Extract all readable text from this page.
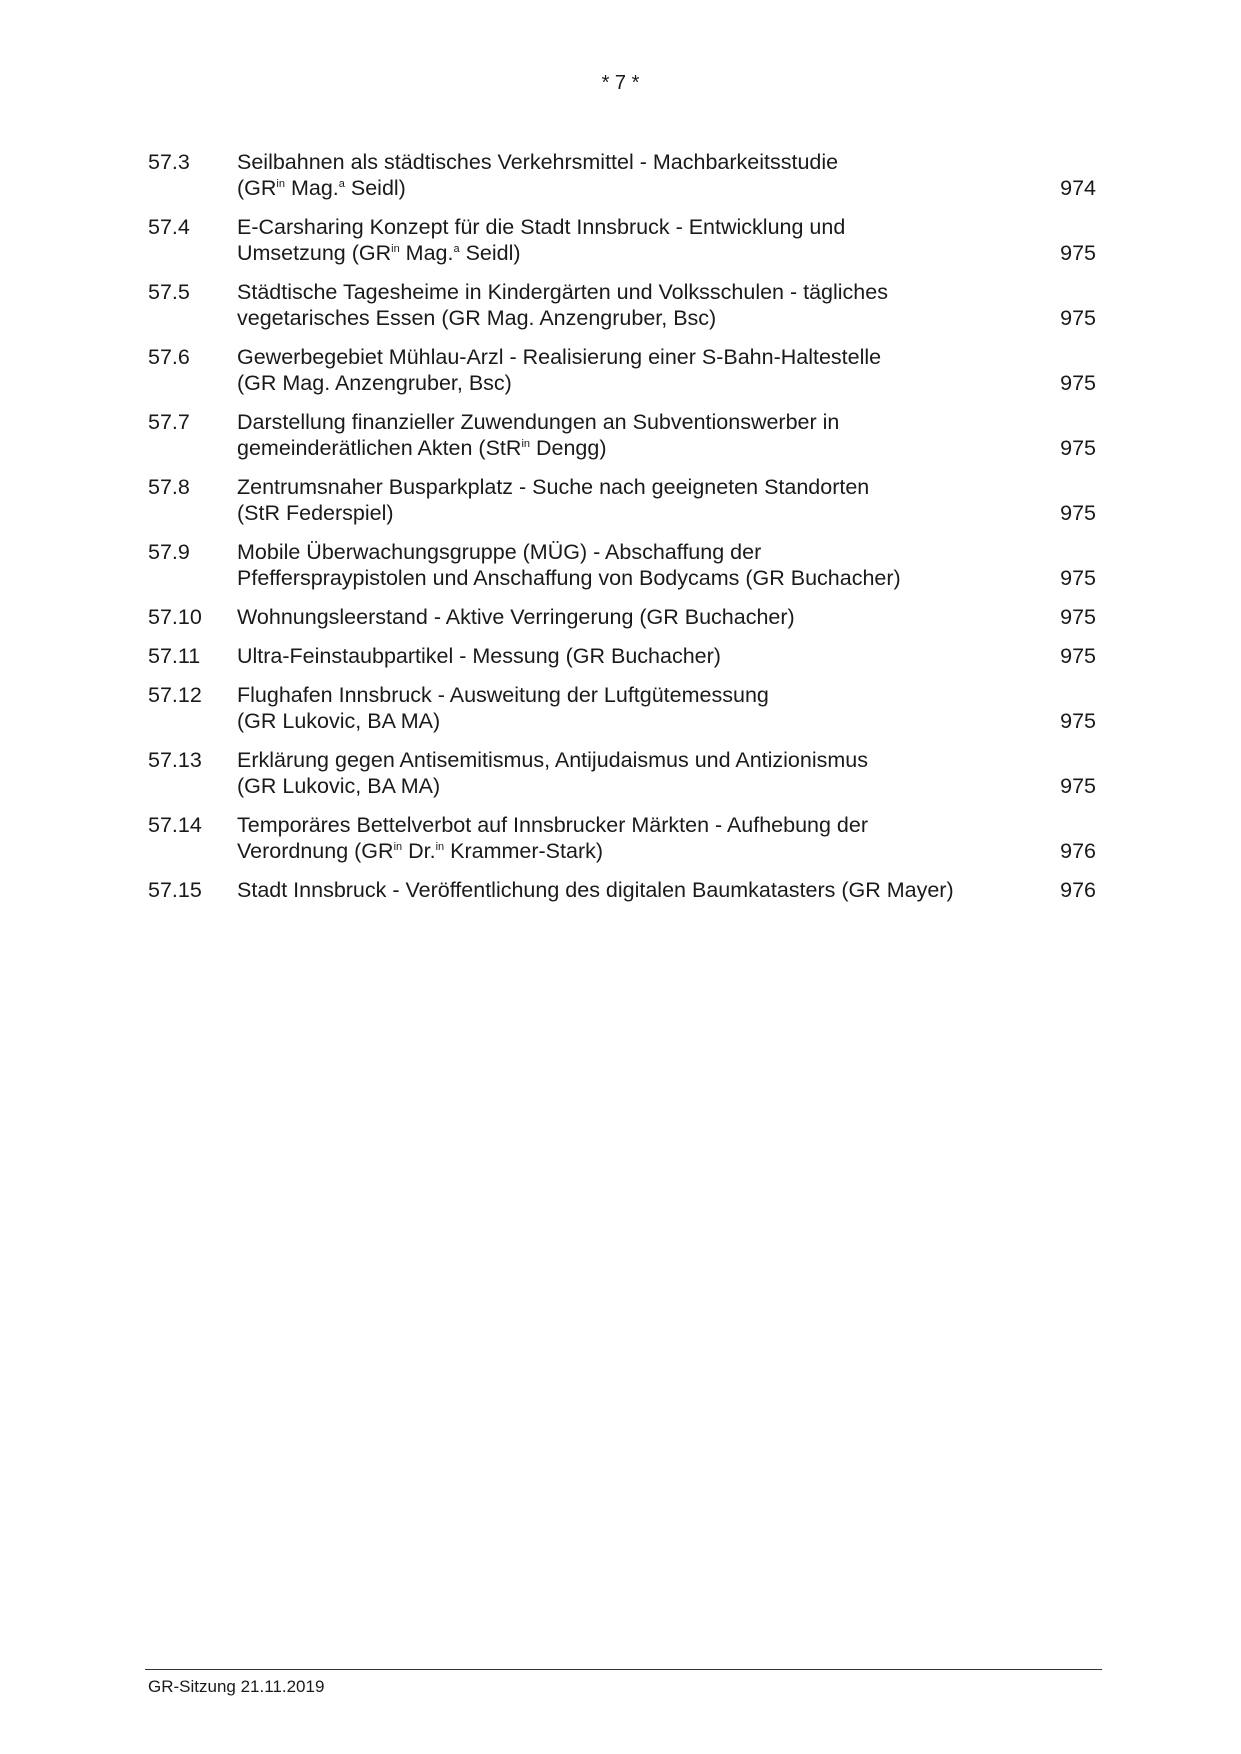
* 7 *
57.3	Seilbahnen als städtisches Verkehrsmittel - Machbarkeitsstudie
($GR^{in}$ Mag.$^a$ Seidl)	974
57.4	E-Carsharing Konzept für die Stadt Innsbruck - Entwicklung und
Umsetzung ($GR^{in}$ Mag.$^a$ Seidl)	975
57.5	Städtische Tagesheime in Kindergärten und Volksschulen - tägliches
vegetarisches Essen (GR Mag. Anzengruber, Bsc)	975
57.6	Gewerbegebiet Mühlau-Arzl - Realisierung einer S-Bahn-Haltestelle
(GR Mag. Anzengruber, Bsc)	975
57.7	Darstellung finanzieller Zuwendungen an Subventionswerber in
gemeinderätlichen Akten (StR$^{in}$ Dengg)	975
57.8	Zentrumsnaher Busparkplatz - Suche nach geeigneten Standorten
(StR Federspiel)	975
57.9	Mobile Überwachungsgruppe (MÜG) - Abschaffung der
Pfefferspraypistolen und Anschaffung von Bodycams (GR Buchacher)	975
57.10	Wohnungsleerstand - Aktive Verringerung (GR Buchacher)	975
57.11	Ultra-Feinstaubpartikel - Messung (GR Buchacher)	975
57.12	Flughafen Innsbruck - Ausweitung der Luftgütemessung
(GR Lukovic, BA MA)	975
57.13	Erklärung gegen Antisemitismus, Antijudaismus und Antizionismus
(GR Lukovic, BA MA)	975
57.14	Temporäres Bettelverbot auf Innsbrucker Märkten - Aufhebung der
Verordnung ($GR^{in}$ Dr.$^{in}$ Krammer-Stark)	976
57.15	Stadt Innsbruck - Veröffentlichung des digitalen Baumkatasters (GR Mayer)	976
GR-Sitzung 21.11.2019
